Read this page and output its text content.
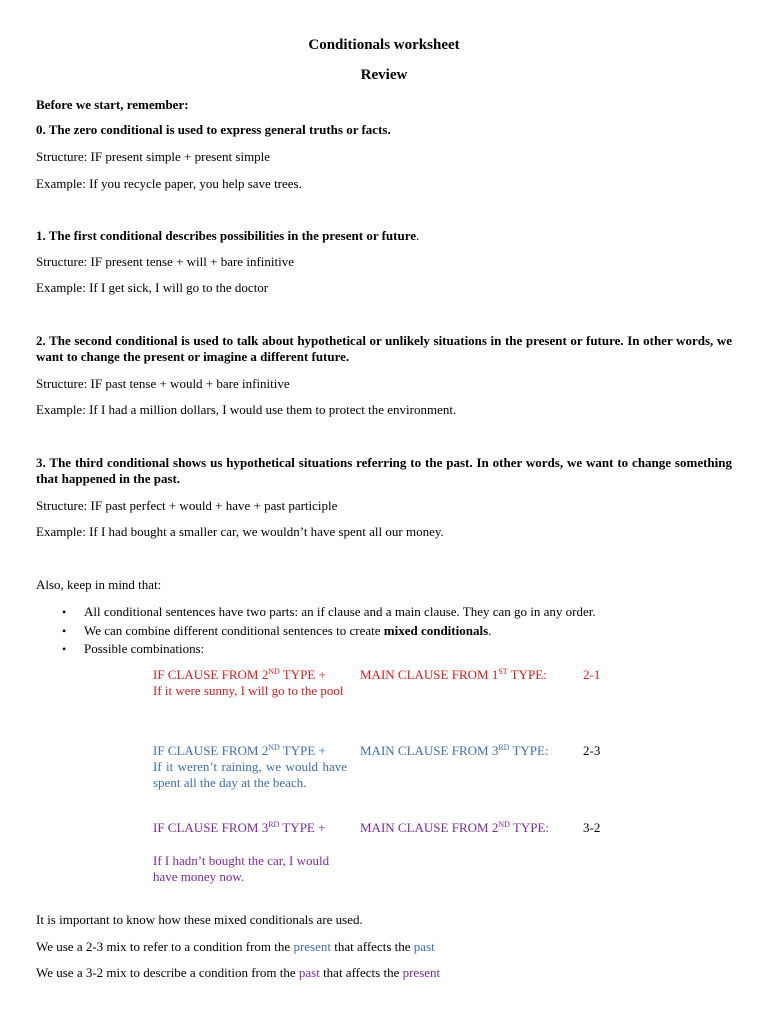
Conditionals worksheet
Review
Before we start, remember:
0. The zero conditional is used to express general truths or facts.
Structure: IF present simple + present simple
Example: If you recycle paper, you help save trees.
1. The first conditional describes possibilities in the present or future.
Structure: IF present tense + will + bare infinitive
Example: If I get sick, I will go to the doctor
2. The second conditional is used to talk about hypothetical or unlikely situations in the present or future. In other words, we want to change the present or imagine a different future.
Structure: IF past tense + would + bare infinitive
Example: If I had a million dollars, I would use them to protect the environment.
3. The third conditional shows us hypothetical situations referring to the past. In other words, we want to change something that happened in the past.
Structure: IF past perfect + would + have + past participle
Example: If I had bought a smaller car, we wouldn’t have spent all our money.
Also, keep in mind that:
• All conditional sentences have two parts: an if clause and a main clause. They can go in any order.
• We can combine different conditional sentences to create mixed conditionals.
• Possible combinations:
IF CLAUSE FROM 2ND TYPE +
If it were sunny, I will go to the pool
MAIN CLAUSE FROM 1ST TYPE:	2-1
IF CLAUSE FROM 2ND TYPE +
If it weren’t raining, we would have spent all the day at the beach.
MAIN CLAUSE FROM 3RD TYPE:	2-3
IF CLAUSE FROM 3RD TYPE +
If I hadn’t bought the car, I would have money now.
MAIN CLAUSE FROM 2ND TYPE:	3-2
It is important to know how these mixed conditionals are used.
We use a 2-3 mix to refer to a condition from the present that affects the past
We use a 3-2 mix to describe a condition from the past that affects the present
